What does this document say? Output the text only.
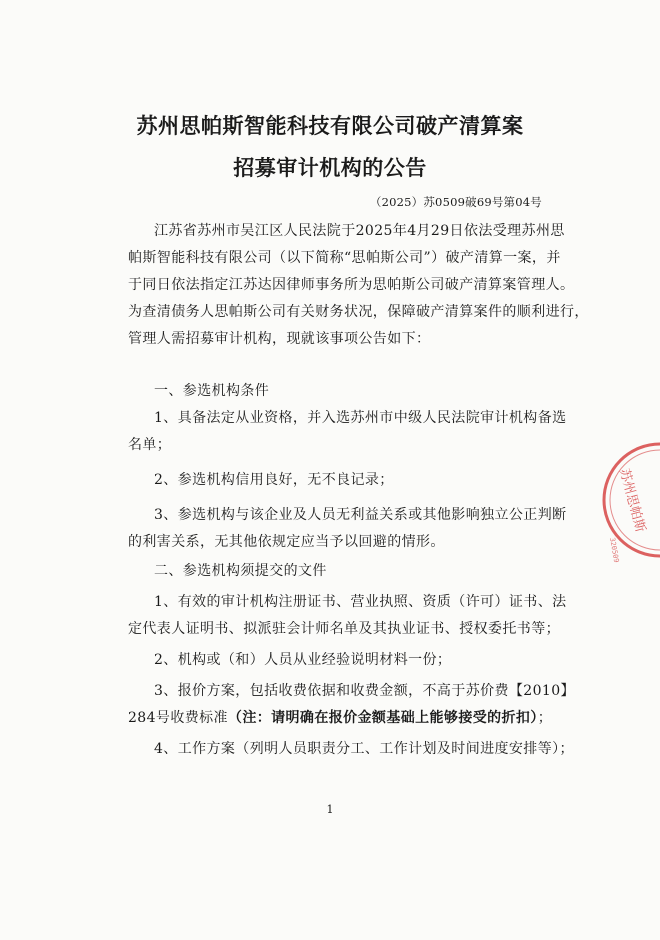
苏州思帕斯智能科技有限公司破产清算案
招募审计机构的公告
（2025）苏0509破69号第04号
江苏省苏州市吴江区人民法院于2025年4月29日依法受理苏州思
帕斯智能科技有限公司（以下简称“思帕斯公司”）破产清算一案，并
于同日依法指定江苏达因律师事务所为思帕斯公司破产清算案管理人。
为查清债务人思帕斯公司有关财务状况，保障破产清算案件的顺利进行，
管理人需招募审计机构，现就该事项公告如下：
一、参选机构条件
1、具备法定从业资格，并入选苏州市中级人民法院审计机构备选
名单；
2、参选机构信用良好，无不良记录；
3、参选机构与该企业及人员无利益关系或其他影响独立公正判断
的利害关系，无其他依规定应当予以回避的情形。
二、参选机构须提交的文件
1、有效的审计机构注册证书、营业执照、资质（许可）证书、法
定代表人证明书、拟派驻会计师名单及其执业证书、授权委托书等；
2、机构或（和）人员从业经验说明材料一份；
3、报价方案，包括收费依据和收费金额，不高于苏价费【2010】
284号收费标准（注：请明确在报价金额基础上能够接受的折扣）；
4、工作方案（列明人员职责分工、工作计划及时间进度安排等）；
1
苏州思帕斯
320509
